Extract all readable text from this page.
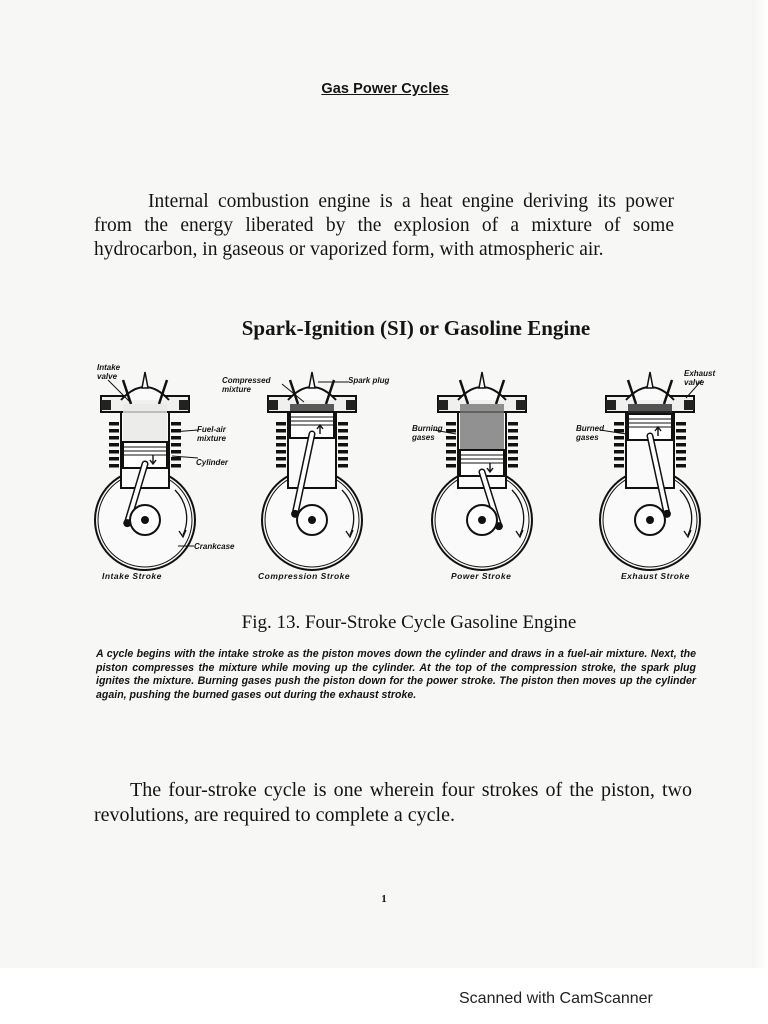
Gas Power Cycles

Internal combustion engine is a heat engine deriving its power from the energy liberated by the explosion of a mixture of some hydrocarbon, in gaseous or vaporized form, with atmospheric air.

Spark-Ignition (SI) or Gasoline Engine
Intake Stroke	Compression Stroke	Power Stroke	Exhaust Stroke
Intake valve
Fuel-air mixture
Cylinder
Crankcase
Compressed mixture
Spark plug
Burning gases
Burned gases
Exhaust valve
Fig. 13. Four-Stroke Cycle Gasoline Engine

A cycle begins with the intake stroke as the piston moves down the cylinder and draws in a fuel-air mixture. Next, the piston compresses the mixture while moving up the cylinder. At the top of the compression stroke, the spark plug ignites the mixture. Burning gases push the piston down for the power stroke. The piston then moves up the cylinder again, pushing the burned gases out during the exhaust stroke.

The four-stroke cycle is one wherein four strokes of the piston, two revolutions, are required to complete a cycle.

1
Scanned with CamScanner
